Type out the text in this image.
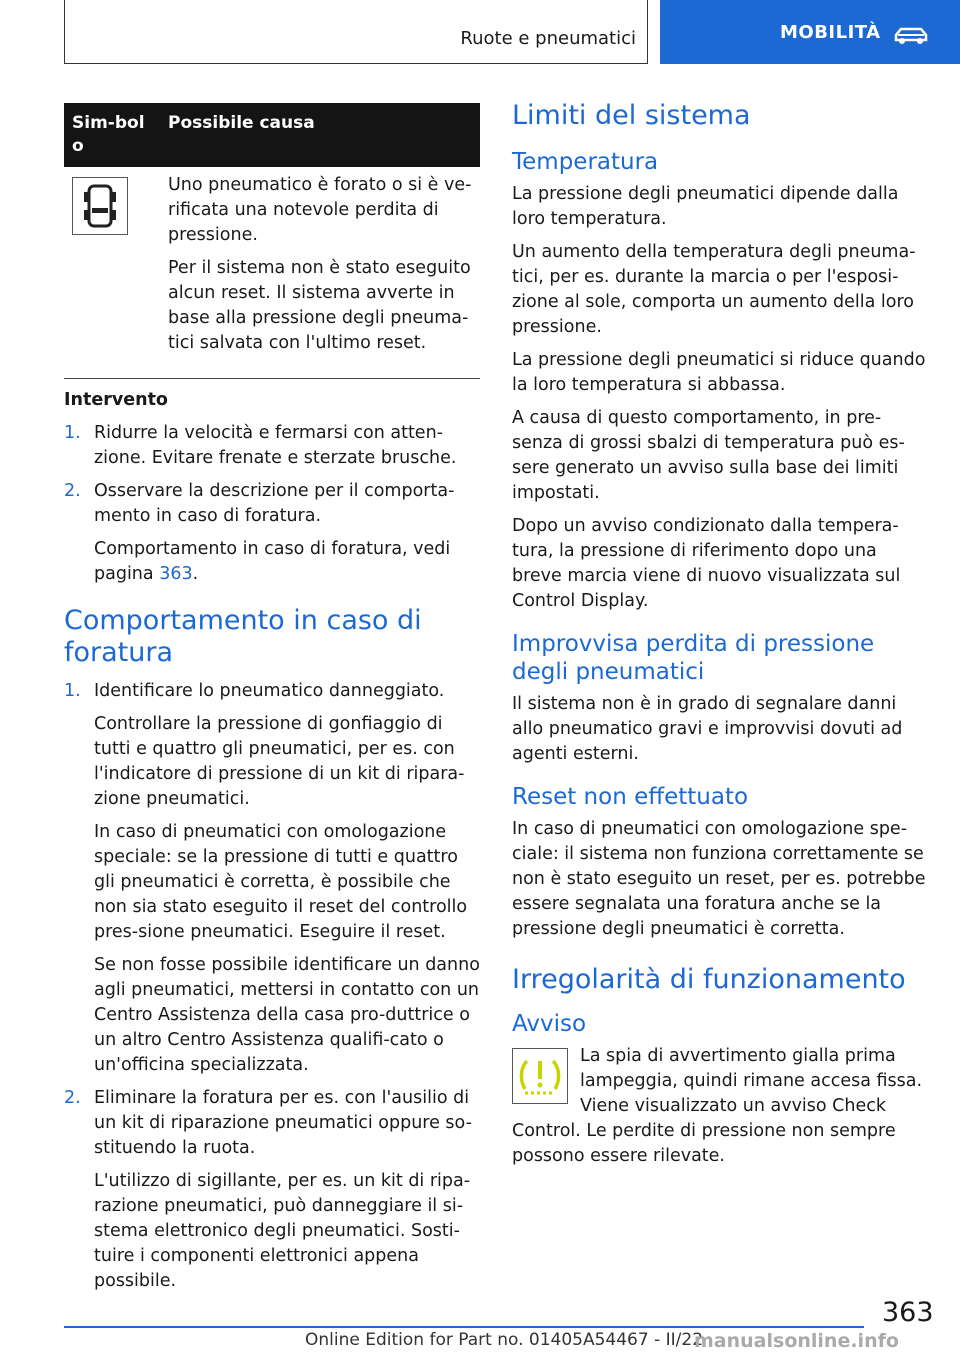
Ruote e pneumatici	MOBILITÀ
Sim-bolo	Possibile causa

Uno pneumatico è forato o si è ve-rificata una notevole perdita di pressione.

Per il sistema non è stato eseguito alcun reset. Il sistema avverte in base alla pressione degli pneuma-tici salvata con l'ultimo reset.

Intervento

1. Ridurre la velocità e fermarsi con atten-zione. Evitare frenate e sterzate brusche.

2. Osservare la descrizione per il comporta-mento in caso di foratura.

Comportamento in caso di foratura, vedi pagina 363.

Comportamento in caso di foratura
1. Identificare lo pneumatico danneggiato.

Controllare la pressione di gonfiaggio di tutti e quattro gli pneumatici, per es. con l'indicatore di pressione di un kit di ripara-zione pneumatici.

In caso di pneumatici con omologazione speciale: se la pressione di tutti e quattro gli pneumatici è corretta, è possibile che non sia stato eseguito il reset del controllo pres-sione pneumatici. Eseguire il reset.

Se non fosse possibile identificare un danno agli pneumatici, mettersi in contatto con un Centro Assistenza della casa pro-duttrice o un altro Centro Assistenza qualifi-cato o un'officina specializzata.

2. Eliminare la foratura per es. con l'ausilio di un kit di riparazione pneumatici oppure so-stituendo la ruota.

L'utilizzo di sigillante, per es. un kit di ripa-razione pneumatici, può danneggiare il si-stema elettronico degli pneumatici. Sosti-tuire i componenti elettronici appena possibile.

Limiti del sistema
Temperatura

La pressione degli pneumatici dipende dalla loro temperatura.

Un aumento della temperatura degli pneuma-tici, per es. durante la marcia o per l'esposi-zione al sole, comporta un aumento della loro pressione.

La pressione degli pneumatici si riduce quando la loro temperatura si abbassa.

A causa di questo comportamento, in pre-senza di grossi sbalzi di temperatura può es-sere generato un avviso sulla base dei limiti impostati.

Dopo un avviso condizionato dalla tempera-tura, la pressione di riferimento dopo una breve marcia viene di nuovo visualizzata sul Control Display.

Improvvisa perdita di pressione degli pneumatici

Il sistema non è in grado di segnalare danni allo pneumatico gravi e improvvisi dovuti ad agenti esterni.

Reset non effettuato

In caso di pneumatici con omologazione spe-ciale: il sistema non funziona correttamente se non è stato eseguito un reset, per es. potrebbe essere segnalata una foratura anche se la pressione degli pneumatici è corretta.

Irregolarità di funzionamento
Avviso

La spia di avvertimento gialla prima lampeggia, quindi rimane accesa fissa. Viene visualizzato un avviso Check Control. Le perdite di pressione non sempre possono essere rilevate.

363
Online Edition for Part no. 01405A54467 - II/22
manualsonline.info
